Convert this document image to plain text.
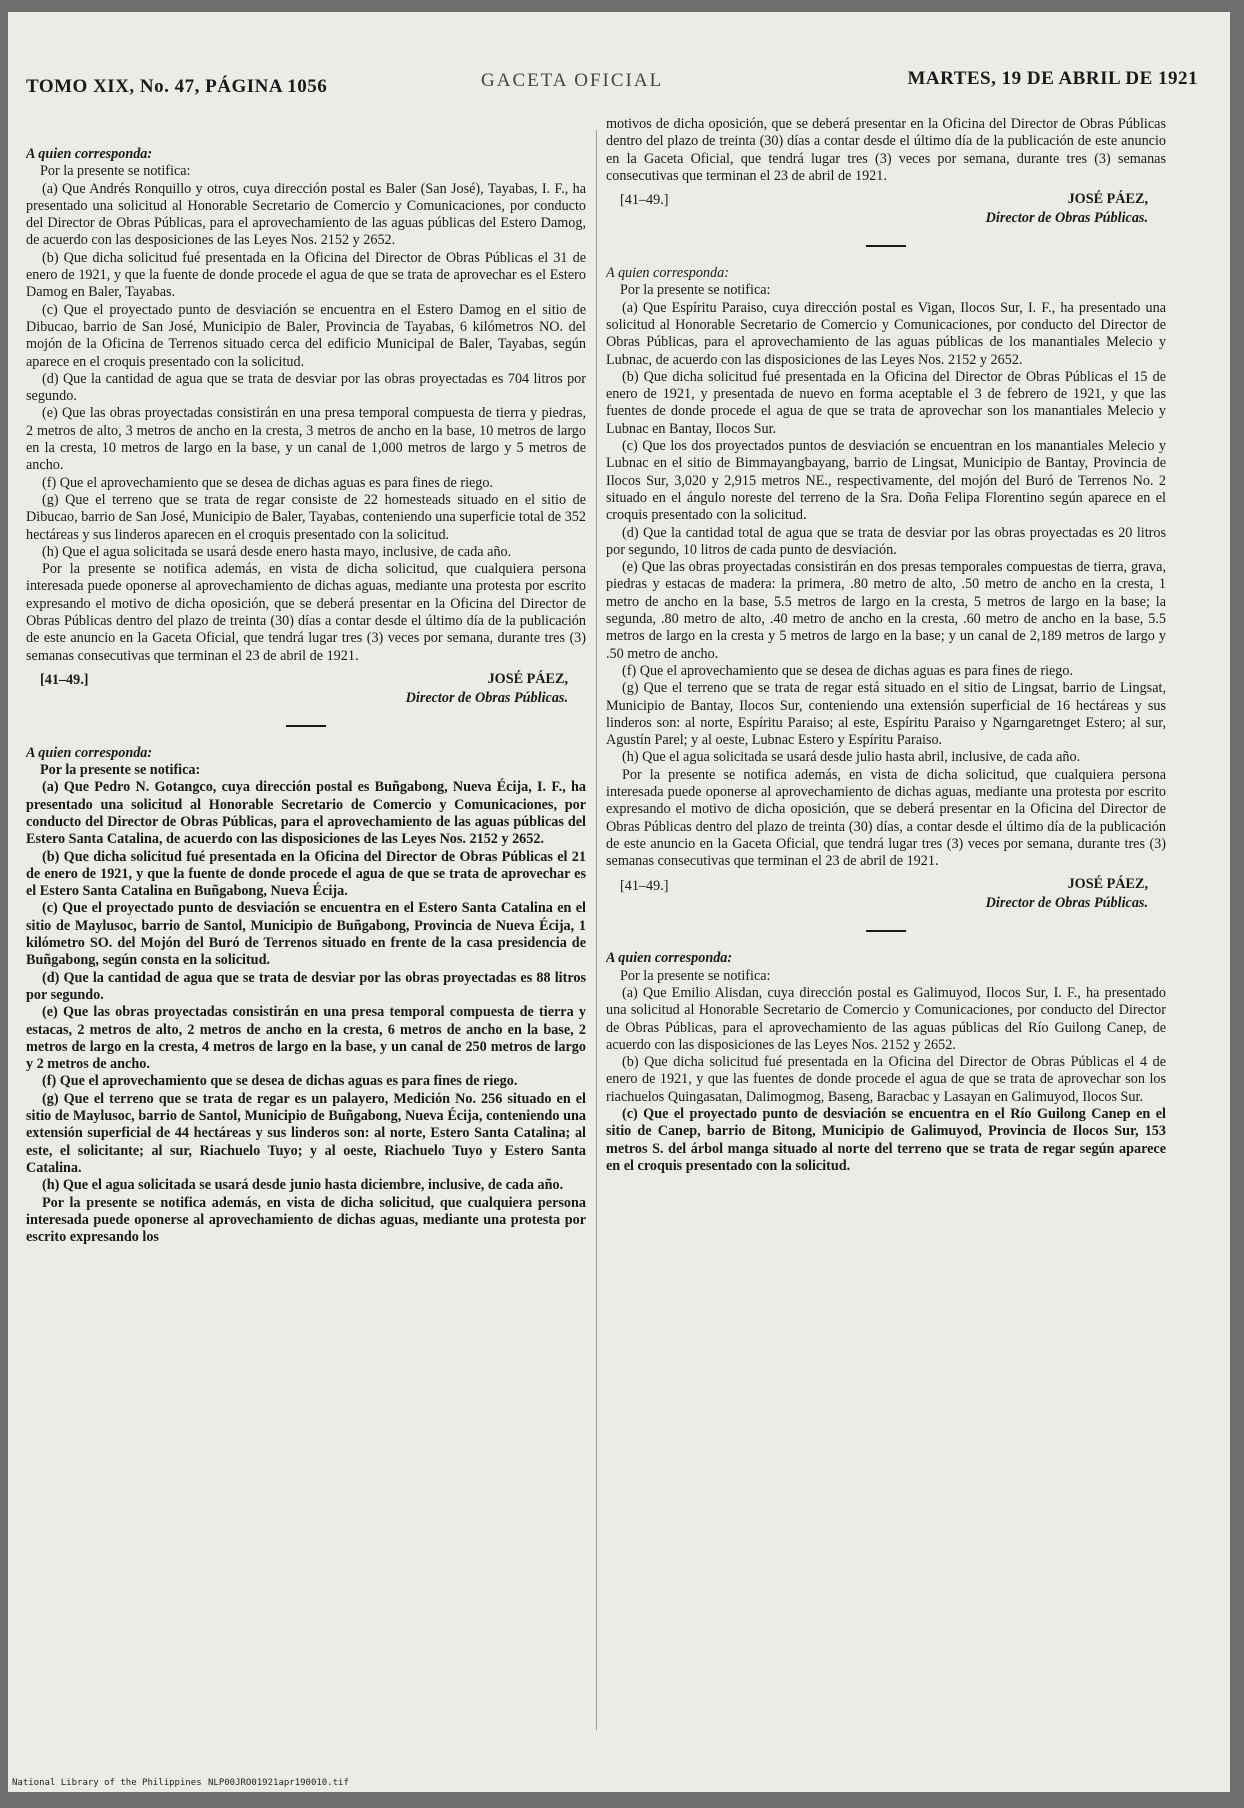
TOMO XIX, No. 47, PÁGINA 1056	GACETA OFICIAL	MARTES, 19 DE ABRIL DE 1921

A quien corresponda:

Por la presente se notifica:

(a) Que Andrés Ronquillo y otros, cuya dirección postal es Baler (San José), Tayabas, I. F., ha presentado una solicitud al Honorable Secretario de Comercio y Comunicaciones, por conducto del Director de Obras Públicas, para el aprovechamiento de las aguas públicas del Estero Damog, de acuerdo con las desposiciones de las Leyes Nos. 2152 y 2652.

(b) Que dicha solicitud fué presentada en la Oficina del Director de Obras Públicas el 31 de enero de 1921, y que la fuente de donde procede el agua de que se trata de aprovechar es el Estero Damog en Baler, Tayabas.

(c) Que el proyectado punto de desviación se encuentra en el Estero Damog en el sitio de Dibucao, barrio de San José, Municipio de Baler, Provincia de Tayabas, 6 kilómetros NO. del mojón de la Oficina de Terrenos situado cerca del edificio Municipal de Baler, Tayabas, según aparece en el croquis presentado con la solicitud.

(d) Que la cantidad de agua que se trata de desviar por las obras proyectadas es 704 litros por segundo.

(e) Que las obras proyectadas consistirán en una presa temporal compuesta de tierra y piedras, 2 metros de alto, 3 metros de ancho en la cresta, 3 metros de ancho en la base, 10 metros de largo en la cresta, 10 metros de largo en la base, y un canal de 1,000 metros de largo y 5 metros de ancho.

(f) Que el aprovechamiento que se desea de dichas aguas es para fines de riego.

(g) Que el terreno que se trata de regar consiste de 22 homesteads situado en el sitio de Dibucao, barrio de San José, Municipio de Baler, Tayabas, conteniendo una superficie total de 352 hectáreas y sus linderos aparecen en el croquis presentado con la solicitud.

(h) Que el agua solicitada se usará desde enero hasta mayo, inclusive, de cada año.

Por la presente se notifica además, en vista de dicha solicitud, que cualquiera persona interesada puede oponerse al aprovechamiento de dichas aguas, mediante una protesta por escrito expresando el motivo de dicha oposición, que se deberá presentar en la Oficina del Director de Obras Públicas dentro del plazo de treinta (30) días a contar desde el último día de la publicación de este anuncio en la Gaceta Oficial, que tendrá lugar tres (3) veces por semana, durante tres (3) semanas consecutivas que terminan el 23 de abril de 1921.

JOSÉ PÁEZ,

[41–49.]

Director de Obras Públicas.

A quien corresponda:

Por la presente se notifica:

(a) Que Pedro N. Gotangco, cuya dirección postal es Buñgabong, Nueva Écija, I. F., ha presentado una solicitud al Honorable Secretario de Comercio y Comunicaciones, por conducto del Director de Obras Públicas, para el aprovechamiento de las aguas públicas del Estero Santa Catalina, de acuerdo con las disposiciones de las Leyes Nos. 2152 y 2652.

(b) Que dicha solicitud fué presentada en la Oficina del Director de Obras Públicas el 21 de enero de 1921, y que la fuente de donde procede el agua de que se trata de aprovechar es el Estero Santa Catalina en Buñgabong, Nueva Écija.

(c) Que el proyectado punto de desviación se encuentra en el Estero Santa Catalina en el sitio de Maylusoc, barrio de Santol, Municipio de Buñgabong, Provincia de Nueva Écija, 1 kilómetro SO. del Mojón del Buró de Terrenos situado en frente de la casa presidencia de Buñgabong, según consta en la solicitud.

(d) Que la cantidad de agua que se trata de desviar por las obras proyectadas es 88 litros por segundo.

(e) Que las obras proyectadas consistirán en una presa temporal compuesta de tierra y estacas, 2 metros de alto, 2 metros de ancho en la cresta, 6 metros de ancho en la base, 2 metros de largo en la cresta, 4 metros de largo en la base, y un canal de 250 metros de largo y 2 metros de ancho.

(f) Que el aprovechamiento que se desea de dichas aguas es para fines de riego.

(g) Que el terreno que se trata de regar es un palayero, Medición No. 256 situado en el sitio de Maylusoc, barrio de Santol, Municipio de Buñgabong, Nueva Écija, conteniendo una extensión superficial de 44 hectáreas y sus linderos son: al norte, Estero Santa Catalina; al este, el solicitante; al sur, Riachuelo Tuyo; y al oeste, Riachuelo Tuyo y Estero Santa Catalina.

(h) Que el agua solicitada se usará desde junio hasta diciembre, inclusive, de cada año.

Por la presente se notifica además, en vista de dicha solicitud, que cualquiera persona interesada puede oponerse al aprovechamiento de dichas aguas, mediante una protesta por escrito expresando los

motivos de dicha oposición, que se deberá presentar en la Oficina del Director de Obras Públicas dentro del plazo de treinta (30) días a contar desde el último día de la publicación de este anuncio en la Gaceta Oficial, que tendrá lugar tres (3) veces por semana, durante tres (3) semanas consecutivas que terminan el 23 de abril de 1921.

JOSÉ PÁEZ,

[41–49.]

Director de Obras Públicas.

A quien corresponda:

Por la presente se notifica:

(a) Que Espíritu Paraiso, cuya dirección postal es Vigan, Ilocos Sur, I. F., ha presentado una solicitud al Honorable Secretario de Comercio y Comunicaciones, por conducto del Director de Obras Públicas, para el aprovechamiento de las aguas públicas de los manantiales Melecio y Lubnac, de acuerdo con las disposiciones de las Leyes Nos. 2152 y 2652.

(b) Que dicha solicitud fué presentada en la Oficina del Director de Obras Públicas el 15 de enero de 1921, y presentada de nuevo en forma aceptable el 3 de febrero de 1921, y que las fuentes de donde procede el agua de que se trata de aprovechar son los manantiales Melecio y Lubnac en Bantay, Ilocos Sur.

(c) Que los dos proyectados puntos de desviación se encuentran en los manantiales Melecio y Lubnac en el sitio de Bimmayangbayang, barrio de Lingsat, Municipio de Bantay, Provincia de Ilocos Sur, 3,020 y 2,915 metros NE., respectivamente, del mojón del Buró de Terrenos No. 2 situado en el ángulo noreste del terreno de la Sra. Doña Felipa Florentino según aparece en el croquis presentado con la solicitud.

(d) Que la cantidad total de agua que se trata de desviar por las obras proyectadas es 20 litros por segundo, 10 litros de cada punto de desviación.

(e) Que las obras proyectadas consistirán en dos presas temporales compuestas de tierra, grava, piedras y estacas de madera: la primera, .80 metro de alto, .50 metro de ancho en la cresta, 1 metro de ancho en la base, 5.5 metros de largo en la cresta, 5 metros de largo en la base; la segunda, .80 metro de alto, .40 metro de ancho en la cresta, .60 metro de ancho en la base, 5.5 metros de largo en la cresta y 5 metros de largo en la base; y un canal de 2,189 metros de largo y .50 metro de ancho.

(f) Que el aprovechamiento que se desea de dichas aguas es para fines de riego.

(g) Que el terreno que se trata de regar está situado en el sitio de Lingsat, barrio de Lingsat, Municipio de Bantay, Ilocos Sur, conteniendo una extensión superficial de 16 hectáreas y sus linderos son: al norte, Espíritu Paraiso; al este, Espíritu Paraiso y Ngarngaretnget Estero; al sur, Agustín Parel; y al oeste, Lubnac Estero y Espíritu Paraiso.

(h) Que el agua solicitada se usará desde julio hasta abril, inclusive, de cada año.

Por la presente se notifica además, en vista de dicha solicitud, que cualquiera persona interesada puede oponerse al aprovechamiento de dichas aguas, mediante una protesta por escrito expresando el motivo de dicha oposición, que se deberá presentar en la Oficina del Director de Obras Públicas dentro del plazo de treinta (30) días, a contar desde el último día de la publicación de este anuncio en la Gaceta Oficial, que tendrá lugar tres (3) veces por semana, durante tres (3) semanas consecutivas que terminan el 23 de abril de 1921.

JOSÉ PÁEZ,

[41–49.]

Director de Obras Públicas.

A quien corresponda:

Por la presente se notifica:

(a) Que Emilio Alisdan, cuya dirección postal es Galimuyod, Ilocos Sur, I. F., ha presentado una solicitud al Honorable Secretario de Comercio y Comunicaciones, por conducto del Director de Obras Públicas, para el aprovechamiento de las aguas públicas del Río Guilong Canep, de acuerdo con las disposiciones de las Leyes Nos. 2152 y 2652.

(b) Que dicha solicitud fué presentada en la Oficina del Director de Obras Públicas el 4 de enero de 1921, y que las fuentes de donde procede el agua de que se trata de aprovechar son los riachuelos Quingasatan, Dalimogmog, Baseng, Baracbac y Lasayan en Galimuyod, Ilocos Sur.

(c) Que el proyectado punto de desviación se encuentra en el Río Guilong Canep en el sitio de Canep, barrio de Bitong, Municipio de Galimuyod, Provincia de Ilocos Sur, 153 metros S. del árbol manga situado al norte del terreno que se trata de regar según aparece en el croquis presentado con la solicitud.

National Library of the Philippines NLP00JRO01921apr190010.tif
